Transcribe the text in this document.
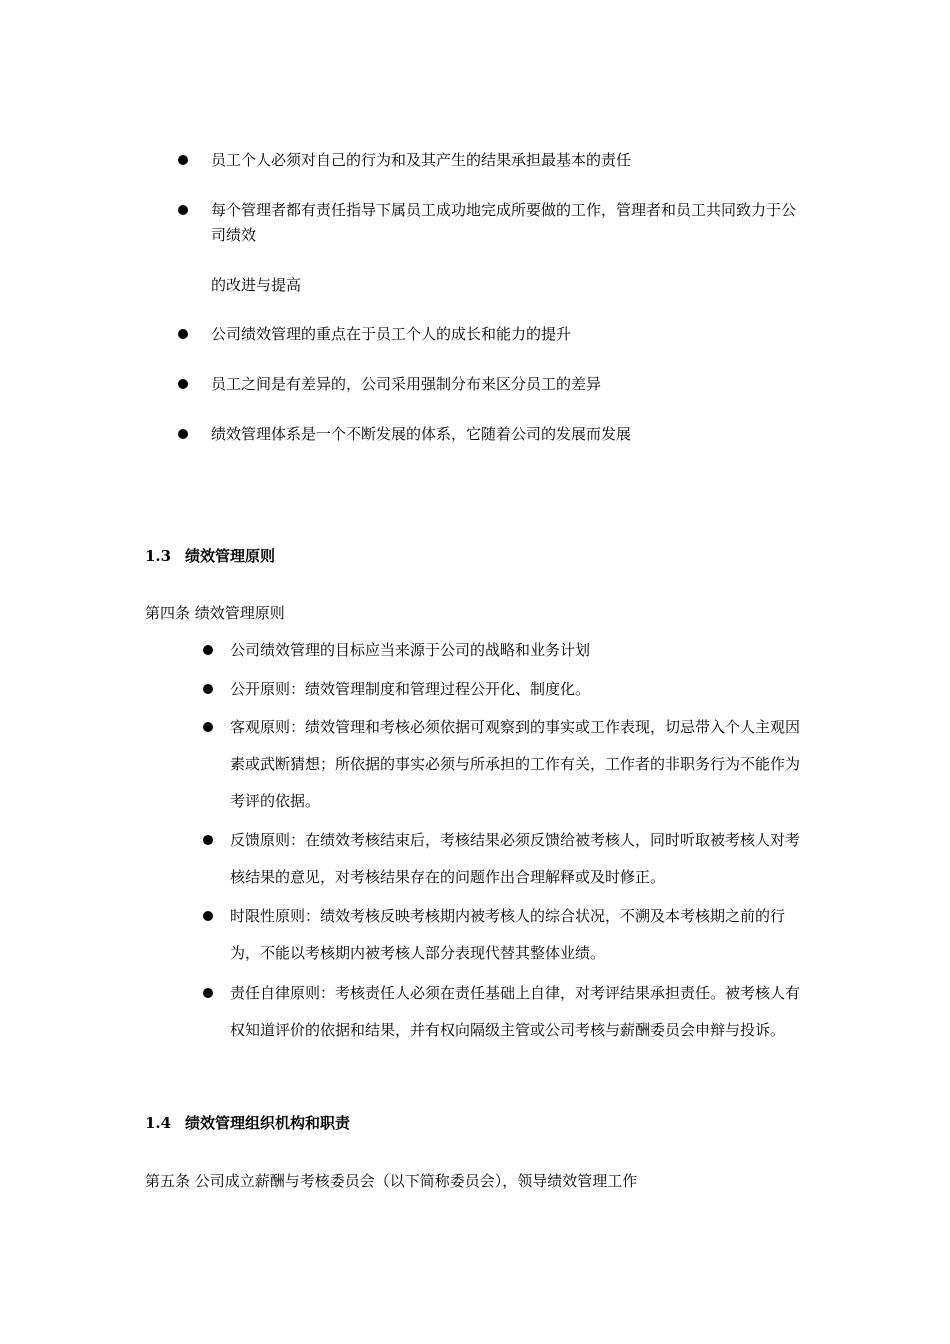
员工个人必须对自己的行为和及其产生的结果承担最基本的责任
每个管理者都有责任指导下属员工成功地完成所要做的工作，管理者和员工共同致力于公司绩效
的改进与提高
公司绩效管理的重点在于员工个人的成长和能力的提升
员工之间是有差异的，公司采用强制分布来区分员工的差异
绩效管理体系是一个不断发展的体系，它随着公司的发展而发展
1.3 绩效管理原则
第四条 绩效管理原则
公司绩效管理的目标应当来源于公司的战略和业务计划
公开原则：绩效管理制度和管理过程公开化、制度化。
客观原则：绩效管理和考核必须依据可观察到的事实或工作表现，切忌带入个人主观因素或武断猜想；所依据的事实必须与所承担的工作有关，工作者的非职务行为不能作为考评的依据。
反馈原则：在绩效考核结束后，考核结果必须反馈给被考核人，同时听取被考核人对考核结果的意见，对考核结果存在的问题作出合理解释或及时修正。
时限性原则：绩效考核反映考核期内被考核人的综合状况，不溯及本考核期之前的行为，不能以考核期内被考核人部分表现代替其整体业绩。
责任自律原则：考核责任人必须在责任基础上自律，对考评结果承担责任。被考核人有权知道评价的依据和结果，并有权向隔级主管或公司考核与薪酬委员会申辩与投诉。
1.4 绩效管理组织机构和职责
第五条 公司成立薪酬与考核委员会（以下简称委员会），领导绩效管理工作
